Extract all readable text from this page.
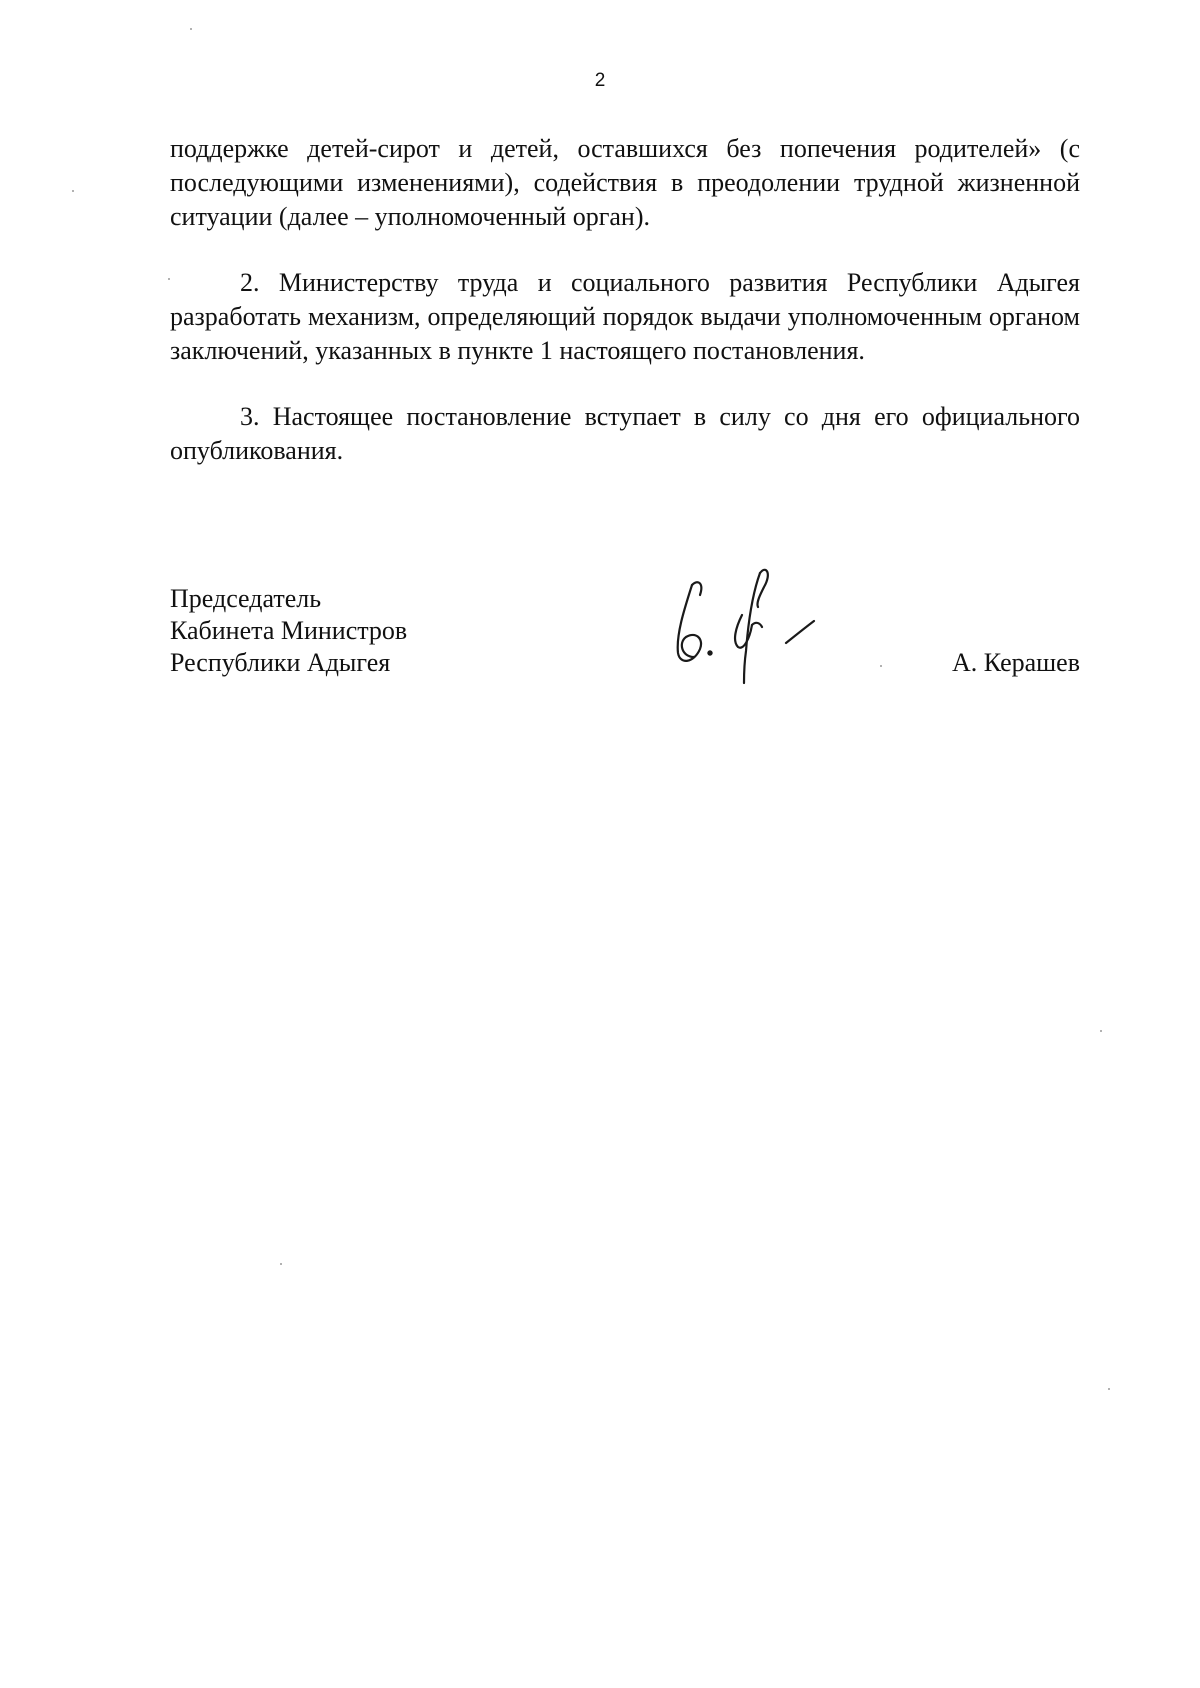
2

поддержке детей-сирот и детей, оставшихся без попечения родителей» (с последующими изменениями), содействия в преодолении трудной жизненной ситуации (далее – уполномоченный орган).

2. Министерству труда и социального развития Республики Адыгея разработать механизм, определяющий порядок выдачи уполномоченным органом заключений, указанных в пункте 1 настоящего постановления.

3. Настоящее постановление вступает в силу со дня его официального опубликования.

Председатель
Кабинета Министров
Республики Адыгея	А. Керашев
